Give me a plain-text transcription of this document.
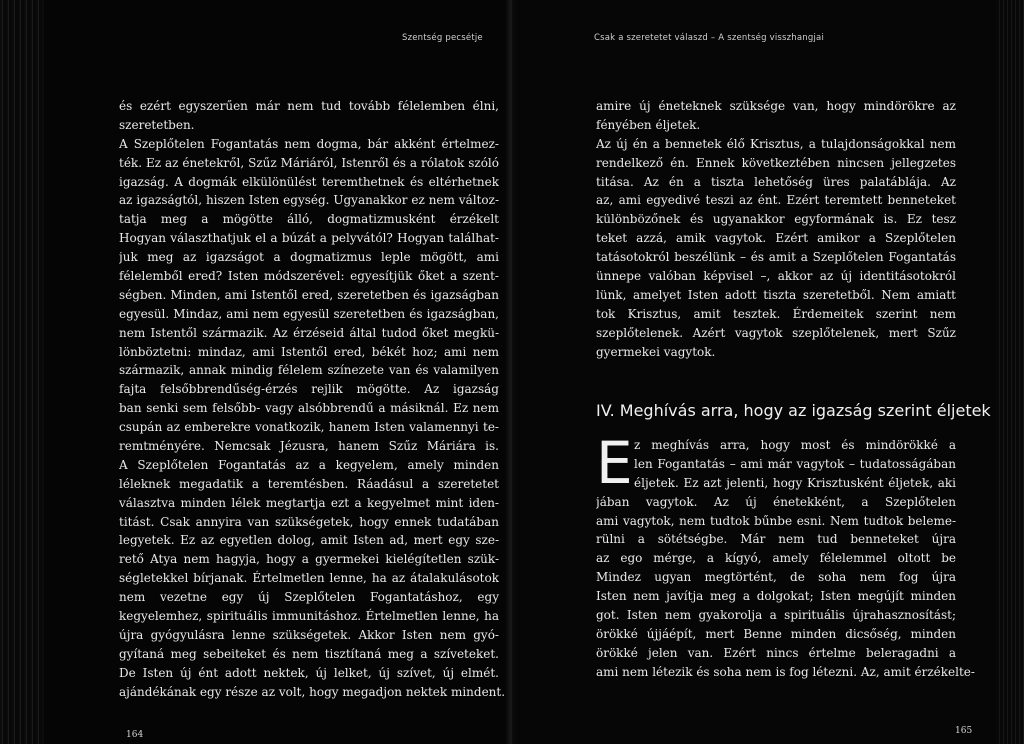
Szentség pecsétje	Csak a szeretetet válaszd – A szentség visszhangjai
és ezért egyszerűen már nem tud tovább félelemben élni,
szeretetben.
A Szeplőtelen Fogantatás nem dogma, bár akként értelmez-
ték. Ez az énetekről, Szűz Máriáról, Istenről és a rólatok szóló
igazság. A dogmák elkülönülést teremthetnek és eltérhetnek
az igazságtól, hiszen Isten egység. Ugyanakkor ez nem változ-
tatja meg a mögötte álló, dogmatizmusként érzékelt
Hogyan választhatjuk el a búzát a pelyvától? Hogyan találhat-
juk meg az igazságot a dogmatizmus leple mögött, ami
félelemből ered? Isten módszerével: egyesítjük őket a szent-
ségben. Minden, ami Istentől ered, szeretetben és igazságban
egyesül. Mindaz, ami nem egyesül szeretetben és igazságban,
nem Istentől származik. Az érzéseid által tudod őket megkü-
lönböztetni: mindaz, ami Istentől ered, békét hoz; ami nem
származik, annak mindig félelem színezete van és valamilyen
fajta felsőbbrendűség-érzés rejlik mögötte. Az igazság
ban senki sem felsőbb- vagy alsóbbrendű a másiknál. Ez nem
csupán az emberekre vonatkozik, hanem Isten valamennyi te-
remtményére. Nemcsak Jézusra, hanem Szűz Máriára is.
A Szeplőtelen Fogantatás az a kegyelem, amely minden
léleknek megadatik a teremtésben. Ráadásul a szeretetet
választva minden lélek megtartja ezt a kegyelmet mint iden-
titást. Csak annyira van szükségetek, hogy ennek tudatában
legyetek. Ez az egyetlen dolog, amit Isten ad, mert egy sze-
rető Atya nem hagyja, hogy a gyermekei kielégítetlen szük-
ségletekkel bírjanak. Értelmetlen lenne, ha az átalakulásotok
nem vezetne egy új Szeplőtelen Fogantatáshoz, egy
kegyelemhez, spirituális immunitáshoz. Értelmetlen lenne, ha
újra gyógyulásra lenne szükségetek. Akkor Isten nem gyó-
gyítaná meg sebeiteket és nem tisztítaná meg a szíveteket.
De Isten új ént adott nektek, új lelket, új szívet, új elmét.
ajándékának egy része az volt, hogy megadjon nektek mindent.
amire új éneteknek szüksége van, hogy mindörökre az
fényében éljetek.
Az új én a bennetek élő Krisztus, a tulajdonságokkal nem
rendelkező én. Ennek következtében nincsen jellegzetes
titása. Az én a tiszta lehetőség üres palatáblája. Az
az, ami egyedivé teszi az ént. Ezért teremtett benneteket
különbözőnek és ugyanakkor egyformának is. Ez tesz
teket azzá, amik vagytok. Ezért amikor a Szeplőtelen
tatásotokról beszélünk – és amit a Szeplőtelen Fogantatás
ünnepe valóban képvisel –, akkor az új identitásotokról
lünk, amelyet Isten adott tiszta szeretetből. Nem amiatt
tok Krisztus, amit tesztek. Érdemeitek szerint nem
szeplőtelenek. Azért vagytok szeplőtelenek, mert Szűz
gyermekei vagytok.
IV. Meghívás arra, hogy az igazság szerint éljetek
E z meghívás arra, hogy most és mindörökké a
len Fogantatás – ami már vagytok – tudatosságában
éljetek. Ez azt jelenti, hogy Krisztusként éljetek, aki
jában vagytok. Az új énetekként, a Szeplőtelen
ami vagytok, nem tudtok bűnbe esni. Nem tudtok beleme-
rülni a sötétségbe. Már nem tud benneteket újra
az ego mérge, a kígyó, amely félelemmel oltott be
Mindez ugyan megtörtént, de soha nem fog újra
Isten nem javítja meg a dolgokat; Isten megújít minden
got. Isten nem gyakorolja a spirituális újrahasznosítást;
örökké újjáépít, mert Benne minden dicsőség, minden
örökké jelen van. Ezért nincs értelme beleragadni a
ami nem létezik és soha nem is fog létezni. Az, amit érzékelte-
164	165
